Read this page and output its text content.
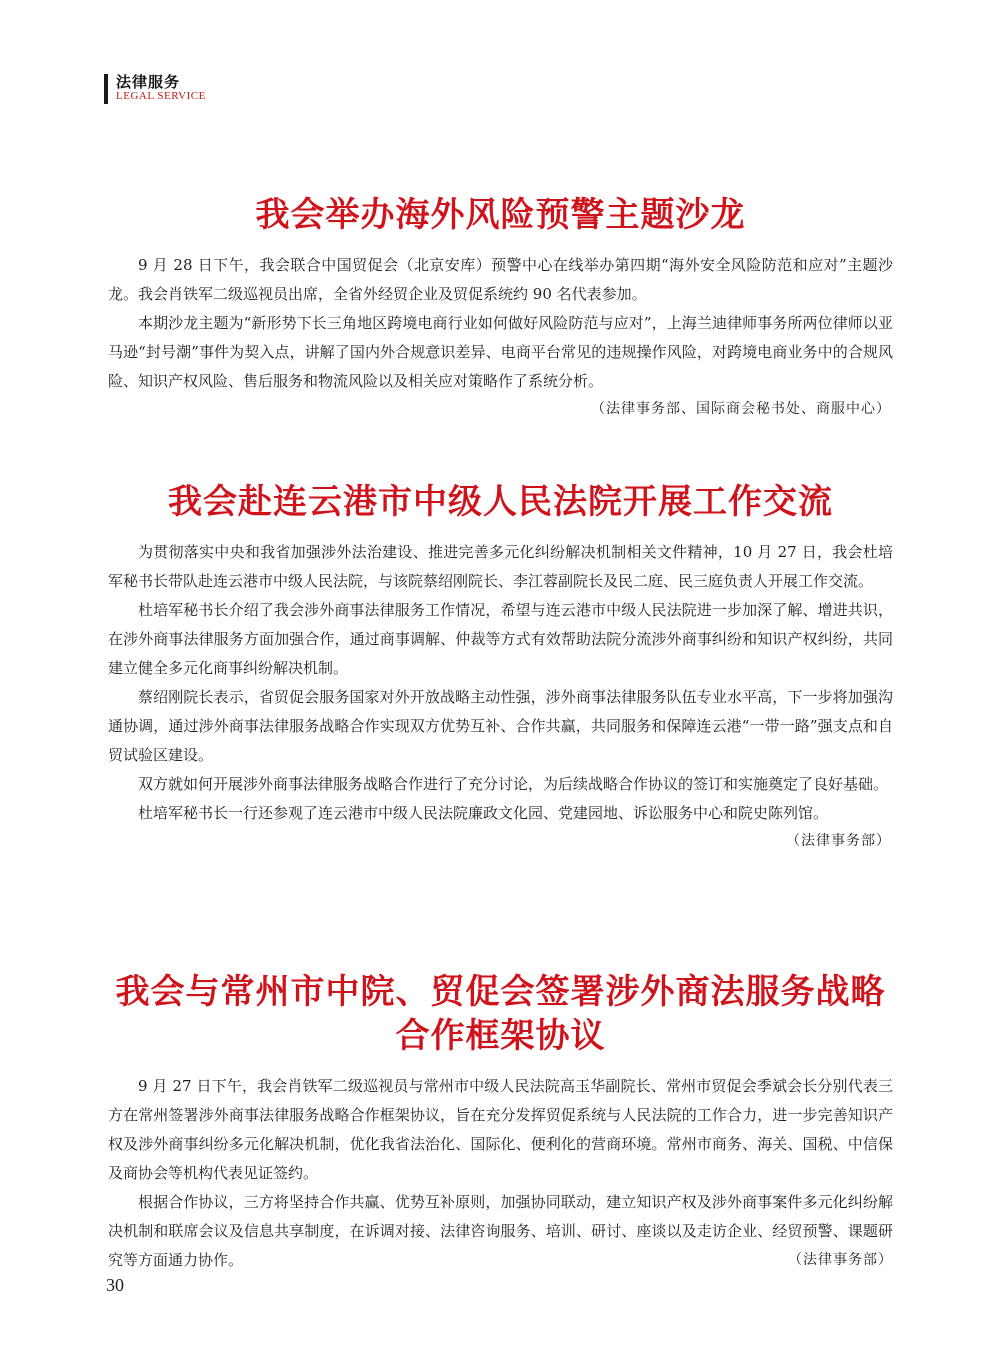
法律服务
LEGAL SERVICE
我会举办海外风险预警主题沙龙

9 月 28 日下午，我会联合中国贸促会（北京安库）预警中心在线举办第四期“海外安全风险防范和应对”主题沙龙。我会肖铁军二级巡视员出席，全省外经贸企业及贸促系统约 90 名代表参加。

本期沙龙主题为“新形势下长三角地区跨境电商行业如何做好风险防范与应对”，上海兰迪律师事务所两位律师以亚马逊“封号潮”事件为契入点，讲解了国内外合规意识差异、电商平台常见的违规操作风险，对跨境电商业务中的合规风险、知识产权风险、售后服务和物流风险以及相关应对策略作了系统分析。

（法律事务部、国际商会秘书处、商服中心）

我会赴连云港市中级人民法院开展工作交流

为贯彻落实中央和我省加强涉外法治建设、推进完善多元化纠纷解决机制相关文件精神，10 月 27 日，我会杜培军秘书长带队赴连云港市中级人民法院，与该院蔡绍刚院长、李江蓉副院长及民二庭、民三庭负责人开展工作交流。

杜培军秘书长介绍了我会涉外商事法律服务工作情况，希望与连云港市中级人民法院进一步加深了解、增进共识，在涉外商事法律服务方面加强合作，通过商事调解、仲裁等方式有效帮助法院分流涉外商事纠纷和知识产权纠纷，共同建立健全多元化商事纠纷解决机制。

蔡绍刚院长表示，省贸促会服务国家对外开放战略主动性强，涉外商事法律服务队伍专业水平高，下一步将加强沟通协调，通过涉外商事法律服务战略合作实现双方优势互补、合作共赢，共同服务和保障连云港“一带一路”强支点和自贸试验区建设。

双方就如何开展涉外商事法律服务战略合作进行了充分讨论，为后续战略合作协议的签订和实施奠定了良好基础。

杜培军秘书长一行还参观了连云港市中级人民法院廉政文化园、党建园地、诉讼服务中心和院史陈列馆。

（法律事务部）

我会与常州市中院、贸促会签署涉外商法服务战略合作框架协议

9 月 27 日下午，我会肖铁军二级巡视员与常州市中级人民法院高玉华副院长、常州市贸促会季斌会长分别代表三方在常州签署涉外商事法律服务战略合作框架协议，旨在充分发挥贸促系统与人民法院的工作合力，进一步完善知识产权及涉外商事纠纷多元化解决机制，优化我省法治化、国际化、便利化的营商环境。常州市商务、海关、国税、中信保及商协会等机构代表见证签约。

根据合作协议，三方将坚持合作共赢、优势互补原则，加强协同联动，建立知识产权及涉外商事案件多元化纠纷解决机制和联席会议及信息共享制度，在诉调对接、法律咨询服务、培训、研讨、座谈以及走访企业、经贸预警、课题研究等方面通力协作。	（法律事务部）

30
